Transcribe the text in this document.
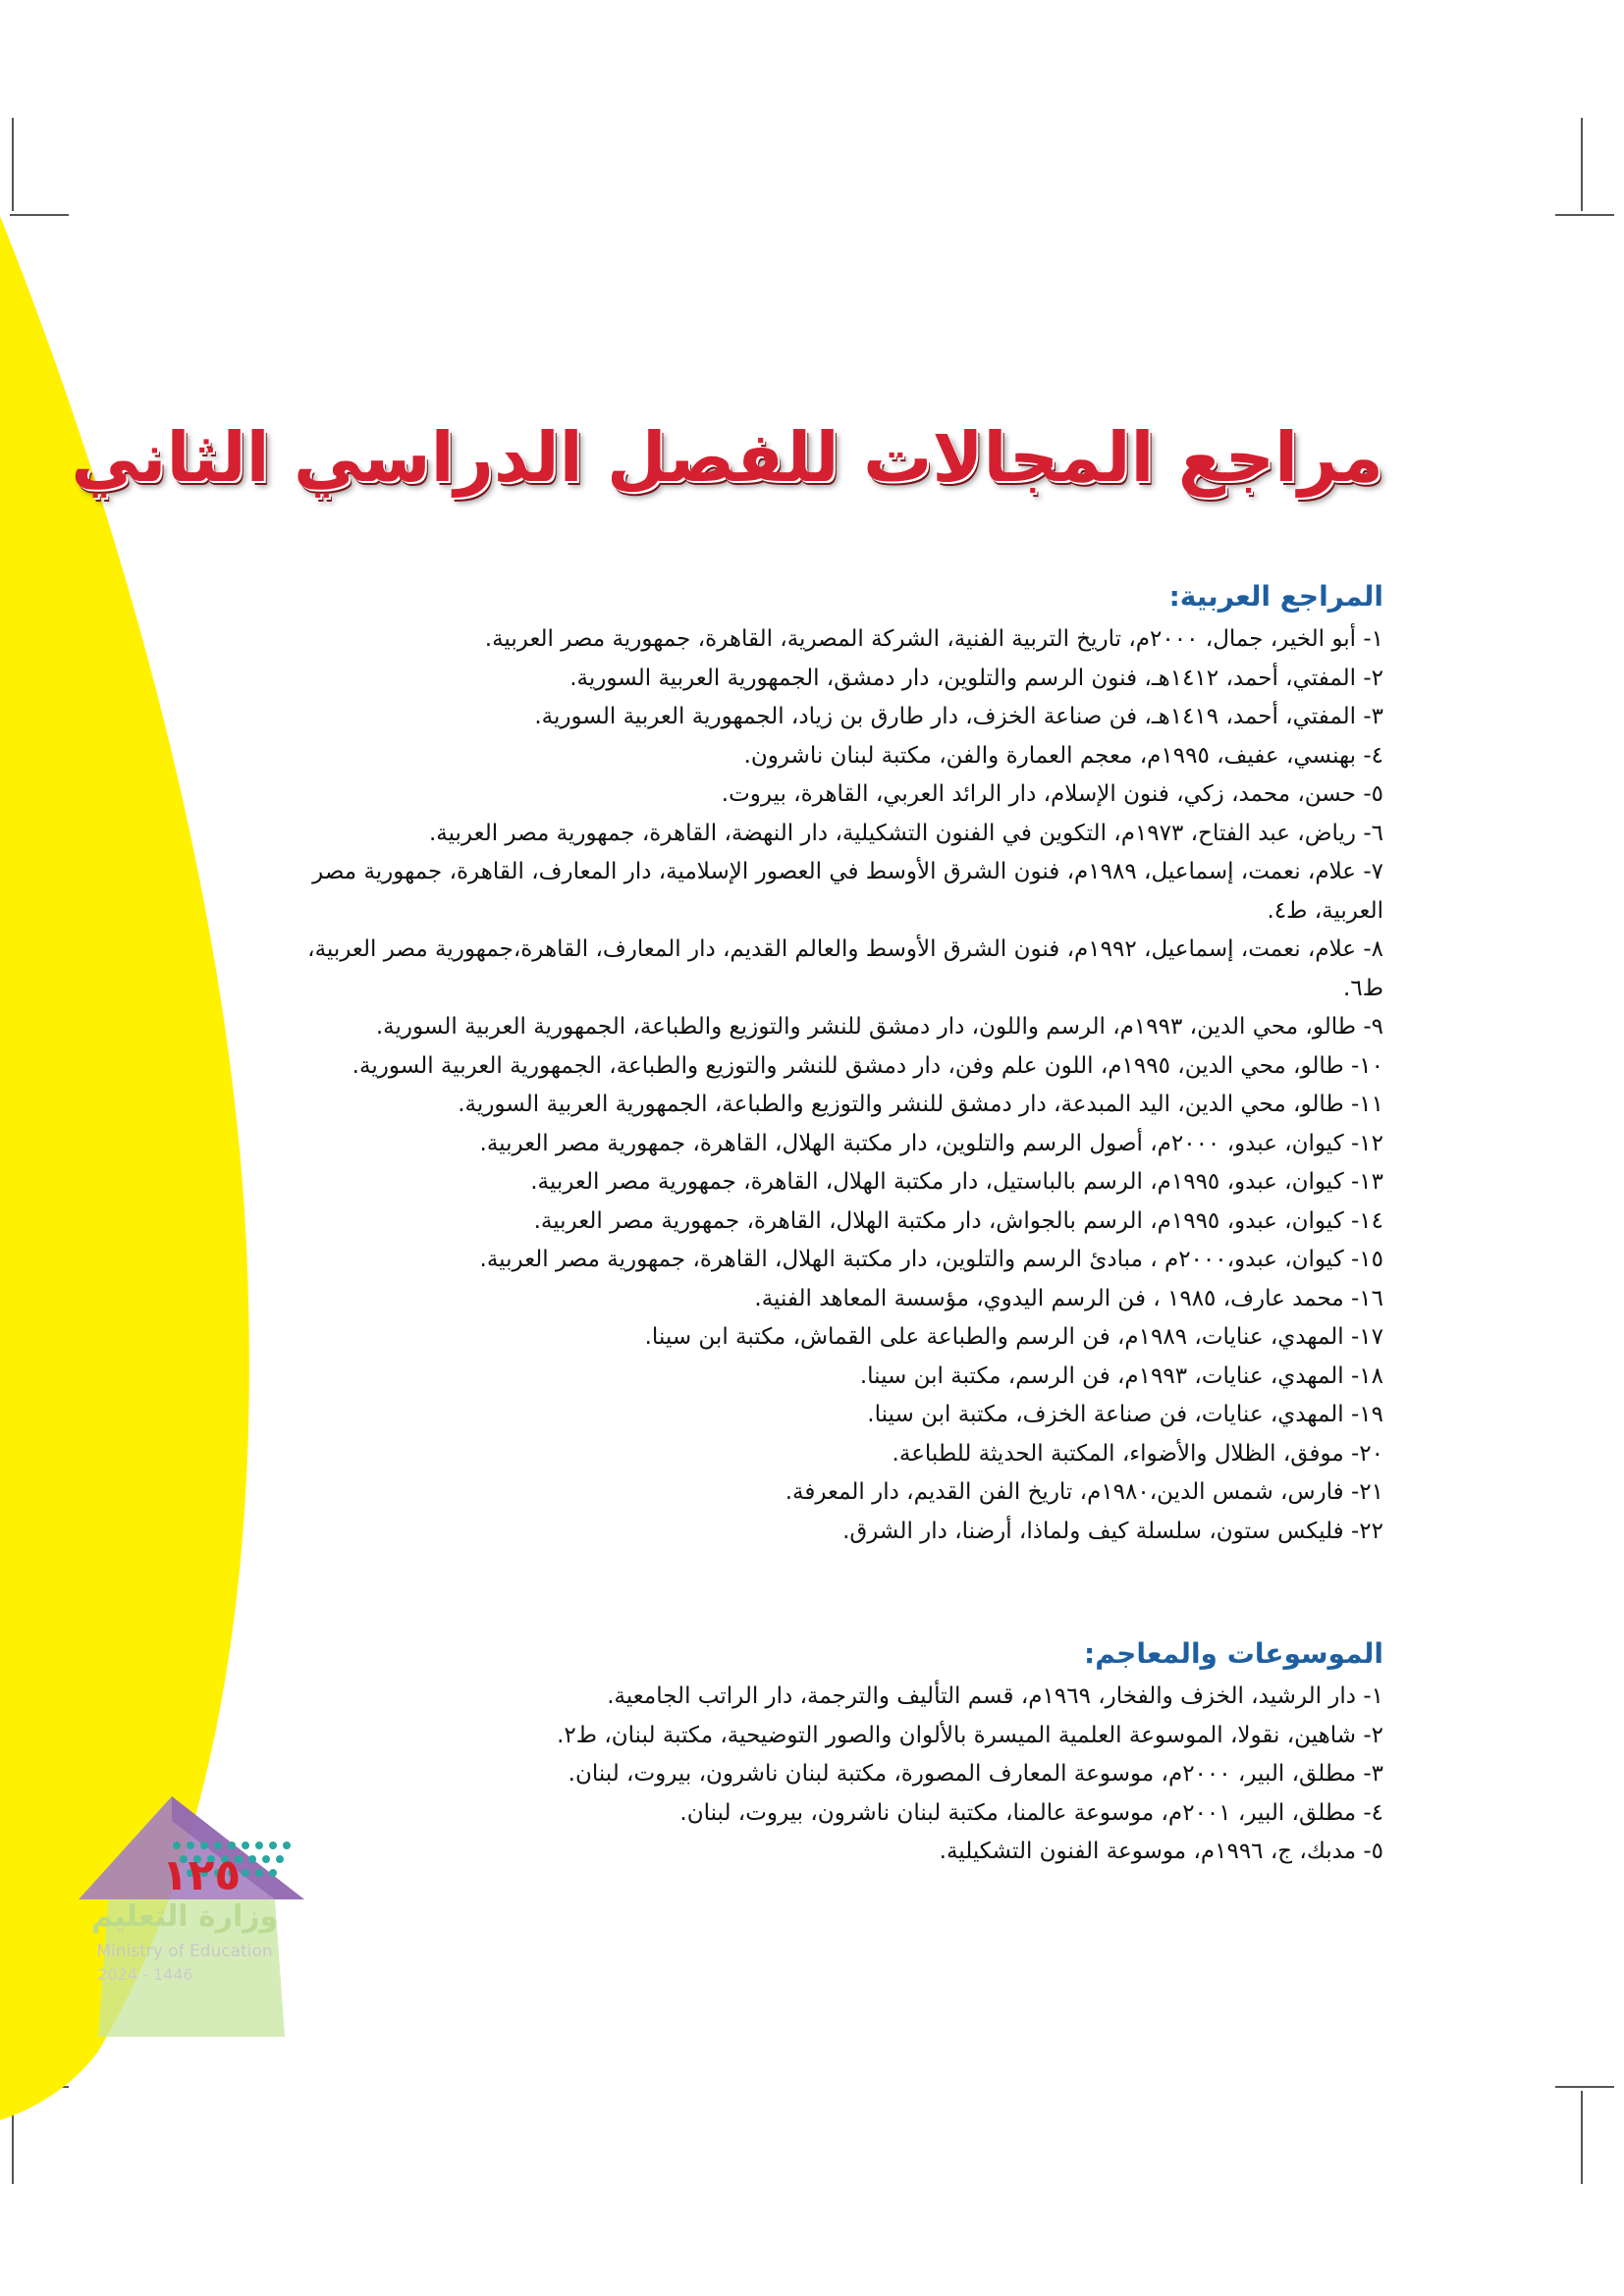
١٢٥
وزارة التعليم
Ministry of Education
2024 - 1446
مراجع المجالات للفصل الدراسي الثاني
المراجع العربية:
١- أبو الخير، جمال، ٢٠٠٠م، تاريخ التربية الفنية، الشركة المصرية، القاهرة، جمهورية مصر العربية.
٢- المفتي، أحمد، ١٤١٢هـ، فنون الرسم والتلوين، دار دمشق، الجمهورية العربية السورية.
٣- المفتي، أحمد، ١٤١٩هـ، فن صناعة الخزف، دار طارق بن زياد، الجمهورية العربية السورية.
٤- بهنسي، عفيف، ١٩٩٥م، معجم العمارة والفن، مكتبة لبنان ناشرون.
٥- حسن، محمد، زكي، فنون الإسلام، دار الرائد العربي، القاهرة، بيروت.
٦- رياض، عبد الفتاح، ١٩٧٣م، التكوين في الفنون التشكيلية، دار النهضة، القاهرة، جمهورية مصر العربية.
٧- علام، نعمت، إسماعيل، ١٩٨٩م، فنون الشرق الأوسط في العصور الإسلامية، دار المعارف، القاهرة، جمهورية مصر العربية، ط٤.
٨- علام، نعمت، إسماعيل، ١٩٩٢م، فنون الشرق الأوسط والعالم القديم، دار المعارف، القاهرة،جمهورية مصر العربية، ط٦.
٩- طالو، محي الدين، ١٩٩٣م، الرسم واللون، دار دمشق للنشر والتوزيع والطباعة، الجمهورية العربية السورية.
١٠- طالو، محي الدين، ١٩٩٥م، اللون علم وفن، دار دمشق للنشر والتوزيع والطباعة، الجمهورية العربية السورية.
١١- طالو، محي الدين، اليد المبدعة، دار دمشق للنشر والتوزيع والطباعة، الجمهورية العربية السورية.
١٢- كيوان، عبدو، ٢٠٠٠م، أصول الرسم والتلوين، دار مكتبة الهلال، القاهرة، جمهورية مصر العربية.
١٣- كيوان، عبدو، ١٩٩٥م، الرسم بالباستيل، دار مكتبة الهلال، القاهرة، جمهورية مصر العربية.
١٤- كيوان، عبدو، ١٩٩٥م، الرسم بالجواش، دار مكتبة الهلال، القاهرة، جمهورية مصر العربية.
١٥- كيوان، عبدو،٢٠٠٠م ، مبادئ الرسم والتلوين، دار مكتبة الهلال، القاهرة، جمهورية مصر العربية.
١٦- محمد عارف، ١٩٨٥ ، فن الرسم اليدوي، مؤسسة المعاهد الفنية.
١٧- المهدي، عنايات، ١٩٨٩م، فن الرسم والطباعة على القماش، مكتبة ابن سينا.
١٨- المهدي، عنايات، ١٩٩٣م، فن الرسم، مكتبة ابن سينا.
١٩- المهدي، عنايات، فن صناعة الخزف، مكتبة ابن سينا.
٢٠- موفق، الظلال والأضواء، المكتبة الحديثة للطباعة.
٢١- فارس، شمس الدين،١٩٨٠م، تاريخ الفن القديم، دار المعرفة.
٢٢- فليكس ستون، سلسلة كيف ولماذا، أرضنا، دار الشرق.
الموسوعات والمعاجم:
١- دار الرشيد، الخزف والفخار، ١٩٦٩م، قسم التأليف والترجمة، دار الراتب الجامعية.
٢- شاهين، نقولا، الموسوعة العلمية الميسرة بالألوان والصور التوضيحية، مكتبة لبنان، ط٢.
٣- مطلق، البير، ٢٠٠٠م، موسوعة المعارف المصورة، مكتبة لبنان ناشرون، بيروت، لبنان.
٤- مطلق، البير، ٢٠٠١م، موسوعة عالمنا، مكتبة لبنان ناشرون، بيروت، لبنان.
٥- مدبك، ج، ١٩٩٦م، موسوعة الفنون التشكيلية.
